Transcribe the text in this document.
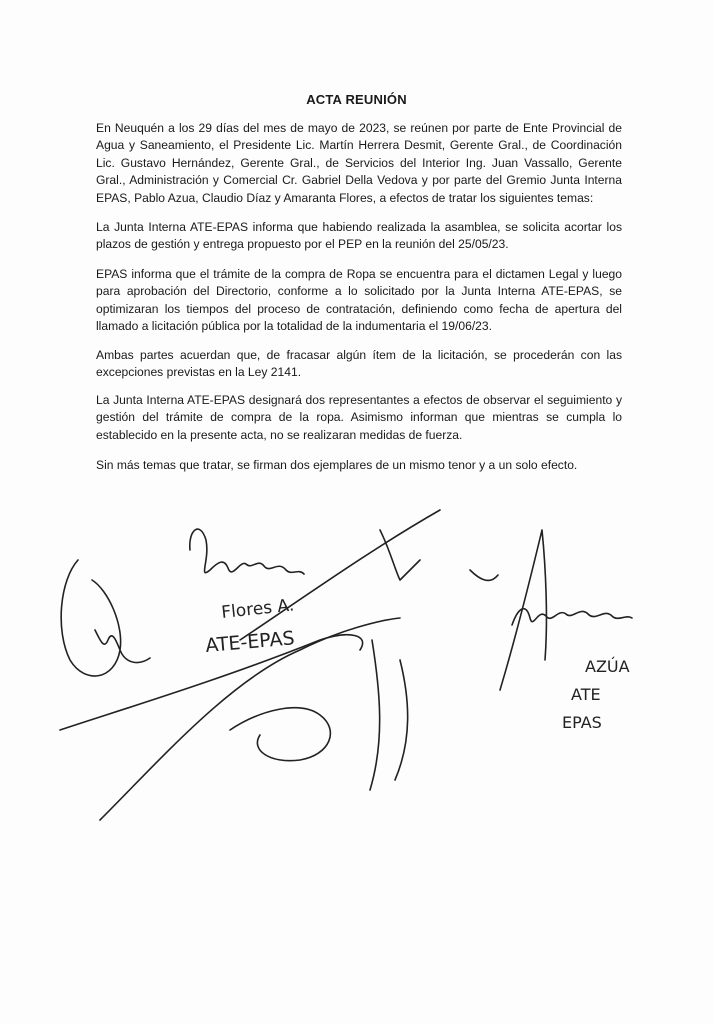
ACTA REUNIÓN
En Neuquén a los 29 días del mes de mayo de 2023, se reúnen por parte de Ente Provincial de Agua y Saneamiento, el Presidente Lic. Martín Herrera Desmit, Gerente Gral., de Coordinación Lic. Gustavo Hernández, Gerente Gral., de Servicios del Interior Ing. Juan Vassallo, Gerente Gral., Administración y Comercial Cr. Gabriel Della Vedova y por parte del Gremio Junta Interna EPAS, Pablo Azua, Claudio Díaz y Amaranta Flores, a efectos de tratar los siguientes temas:
La Junta Interna ATE-EPAS informa que habiendo realizada la asamblea, se solicita acortar los plazos de gestión y entrega propuesto por el PEP en la reunión del 25/05/23.
EPAS informa que el trámite de la compra de Ropa se encuentra para el dictamen Legal y luego para aprobación del Directorio, conforme a lo solicitado por la Junta Interna ATE-EPAS, se optimizaran los tiempos del proceso de contratación, definiendo como fecha de apertura del llamado a licitación pública por la totalidad de la indumentaria el 19/06/23.
Ambas partes acuerdan que, de fracasar algún ítem de la licitación, se procederán con las excepciones previstas en la Ley 2141.
La Junta Interna ATE-EPAS designará dos representantes a efectos de observar el seguimiento y gestión del trámite de compra de la ropa. Asimismo informan que mientras se cumpla lo establecido en la presente acta, no se realizaran medidas de fuerza.
Sin más temas que tratar, se firman dos ejemplares de un mismo tenor y a un solo efecto.
Flores A.
ATE-EPAS
AZÚA
ATE
EPAS
